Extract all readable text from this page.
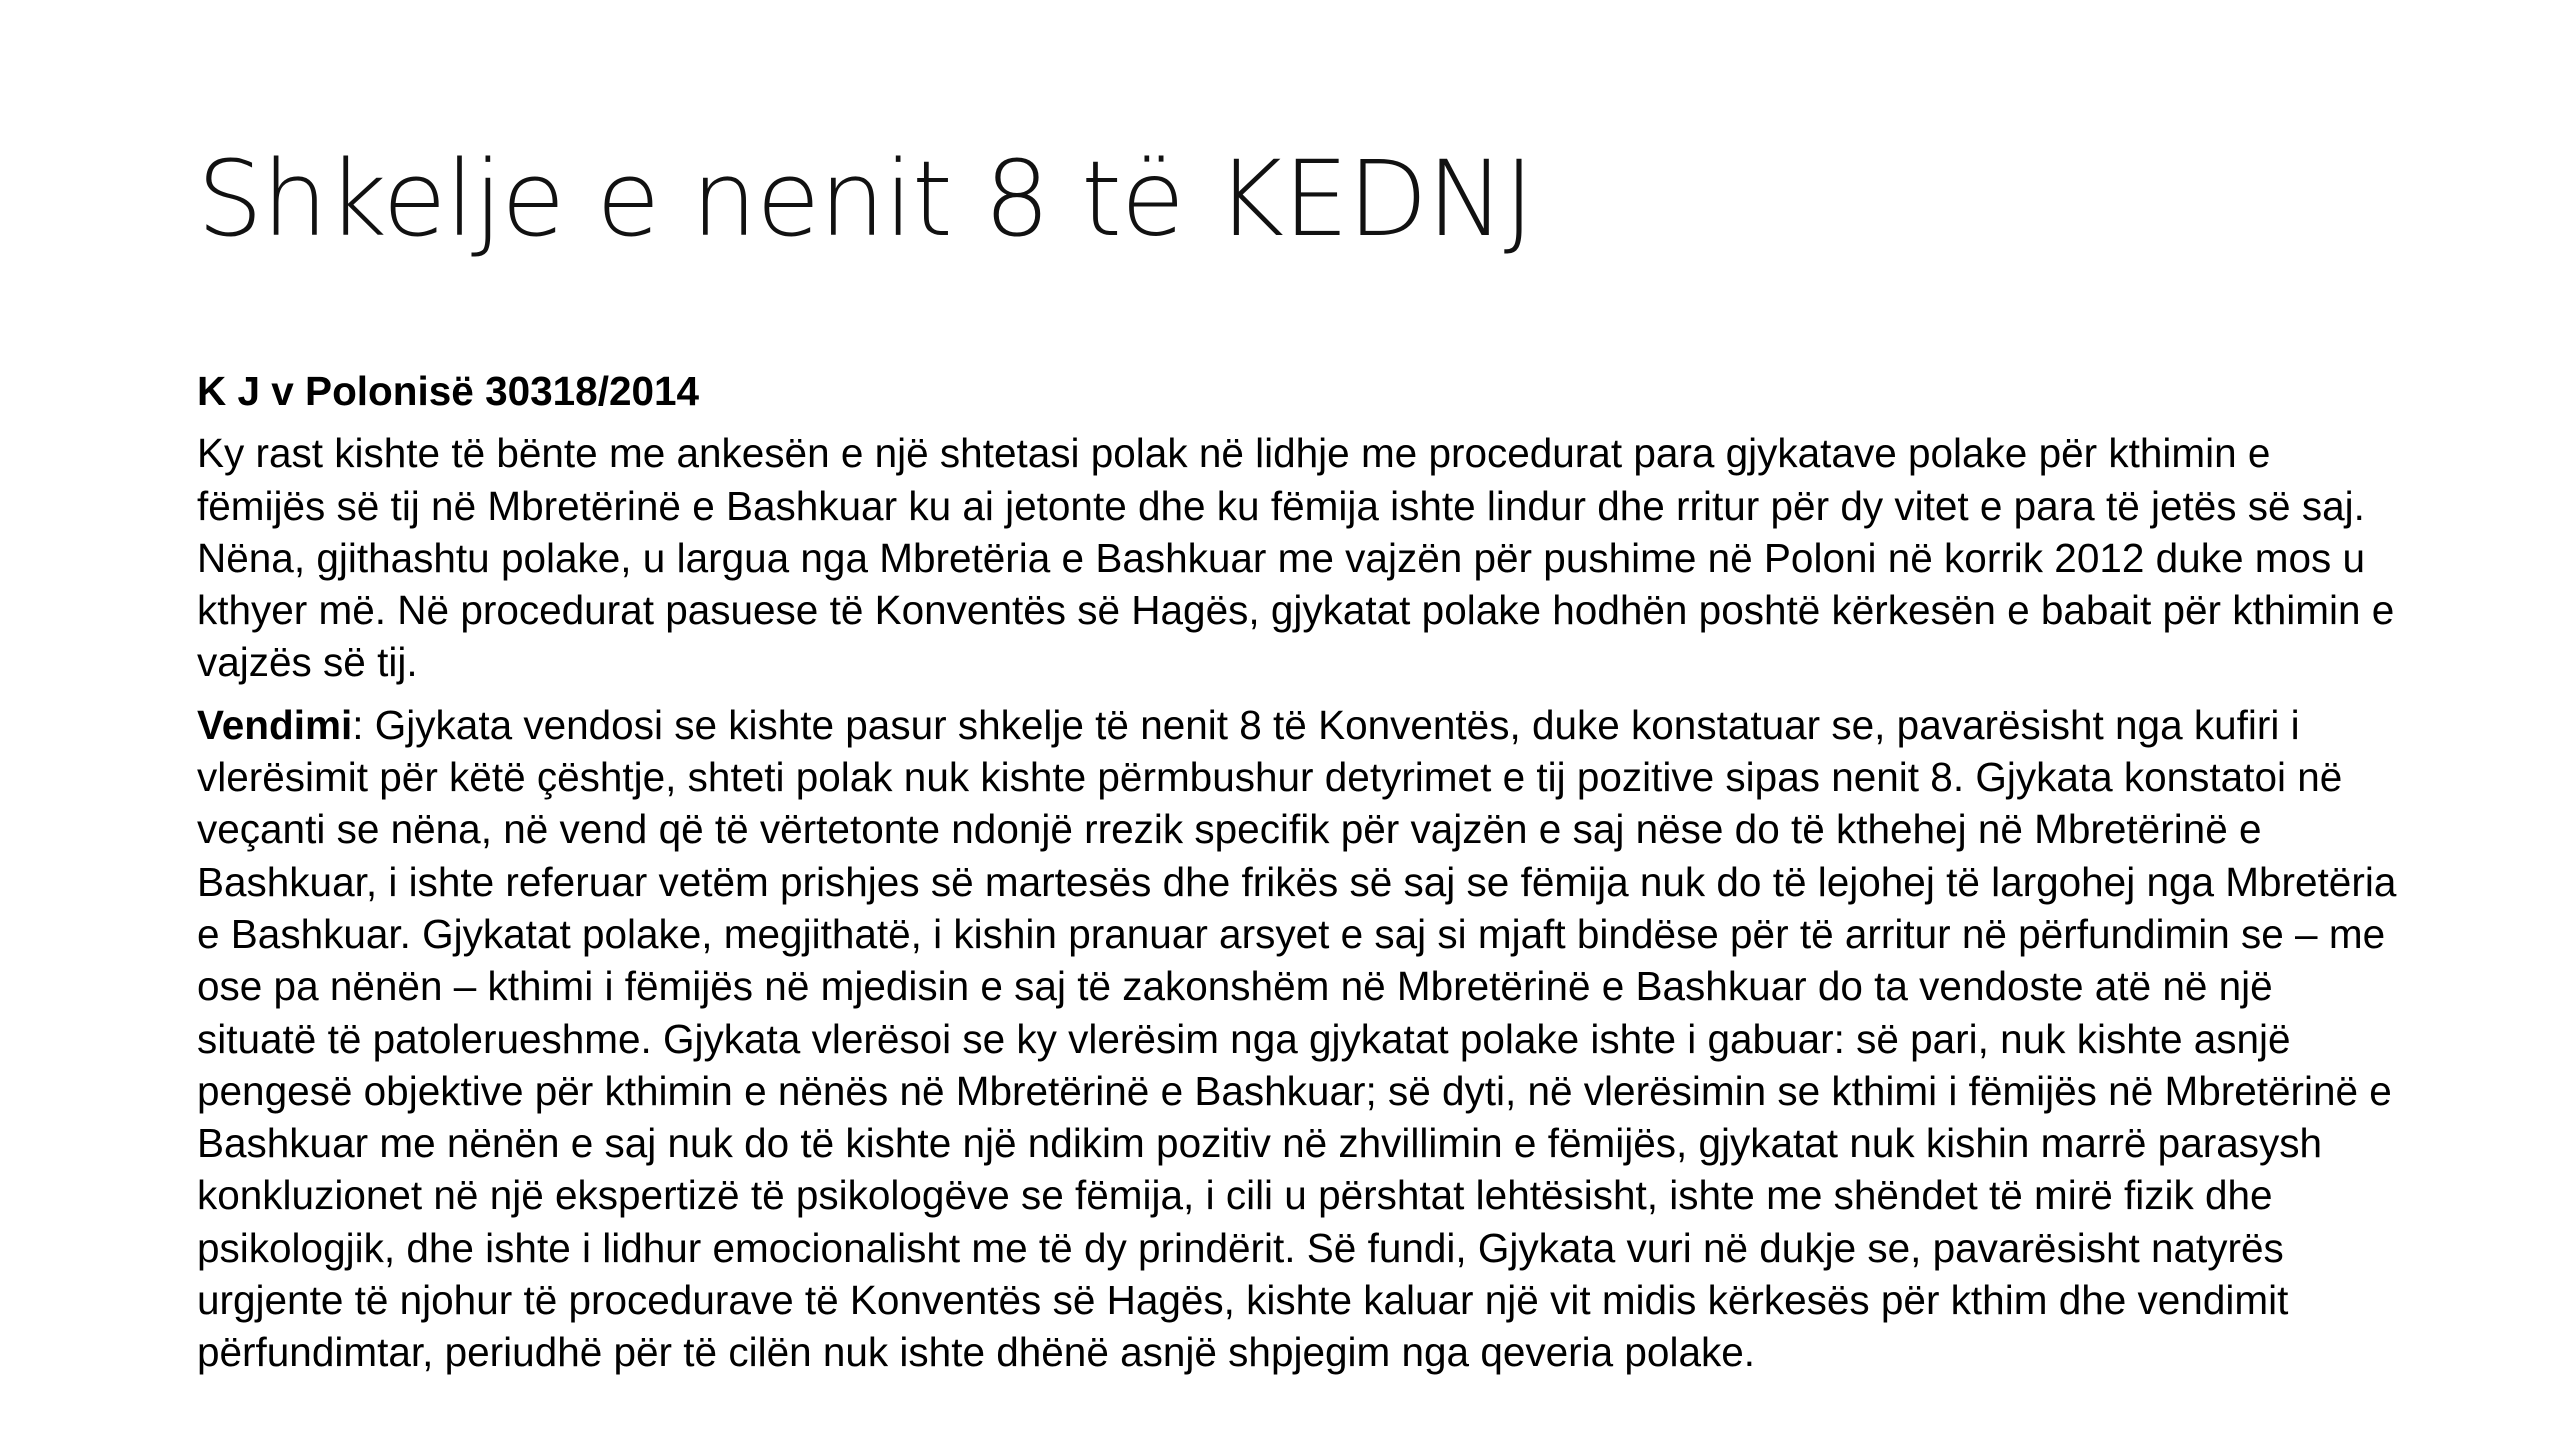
Shkelje e nenit 8 të KEDNJ

K J v Polonisë 30318/2014

Ky rast kishte të bënte me ankesën e një shtetasi polak në lidhje me procedurat para gjykatave polake për kthimin e fëmijës së tij në Mbretërinë e Bashkuar ku ai jetonte dhe ku fëmija ishte lindur dhe rritur për dy vitet e para të jetës së saj. Nëna, gjithashtu polake, u largua nga Mbretëria e Bashkuar me vajzën për pushime në Poloni në korrik 2012 duke mos u kthyer më. Në procedurat pasuese të Konventës së Hagës, gjykatat polake hodhën poshtë kërkesën e babait për kthimin e vajzës së tij.

Vendimi: Gjykata vendosi se kishte pasur shkelje të nenit 8 të Konventës, duke konstatuar se, pavarësisht nga kufiri i vlerësimit për këtë çështje, shteti polak nuk kishte përmbushur detyrimet e tij pozitive sipas nenit 8. Gjykata konstatoi në veçanti se nëna, në vend që të vërtetonte ndonjë rrezik specifik për vajzën e saj nëse do të kthehej në Mbretërinë e Bashkuar, i ishte referuar vetëm prishjes së martesës dhe frikës së saj se fëmija nuk do të lejohej të largohej nga Mbretëria e Bashkuar. Gjykatat polake, megjithatë, i kishin pranuar arsyet e saj si mjaft bindëse për të arritur në përfundimin se – me ose pa nënën – kthimi i fëmijës në mjedisin e saj të zakonshëm në Mbretërinë e Bashkuar do ta vendoste atë në një situatë të patolerueshme. Gjykata vlerësoi se ky vlerësim nga gjykatat polake ishte i gabuar: së pari, nuk kishte asnjë pengesë objektive për kthimin e nënës në Mbretërinë e Bashkuar; së dyti, në vlerësimin se kthimi i fëmijës në Mbretërinë e Bashkuar me nënën e saj nuk do të kishte një ndikim pozitiv në zhvillimin e fëmijës, gjykatat nuk kishin marrë parasysh konkluzionet në një ekspertizë të psikologëve se fëmija, i cili u përshtat lehtësisht, ishte me shëndet të mirë fizik dhe psikologjik, dhe ishte i lidhur emocionalisht me të dy prindërit. Së fundi, Gjykata vuri në dukje se, pavarësisht natyrës urgjente të njohur të procedurave të Konventës së Hagës, kishte kaluar një vit midis kërkesës për kthim dhe vendimit përfundimtar, periudhë për të cilën nuk ishte dhënë asnjë shpjegim nga qeveria polake.
